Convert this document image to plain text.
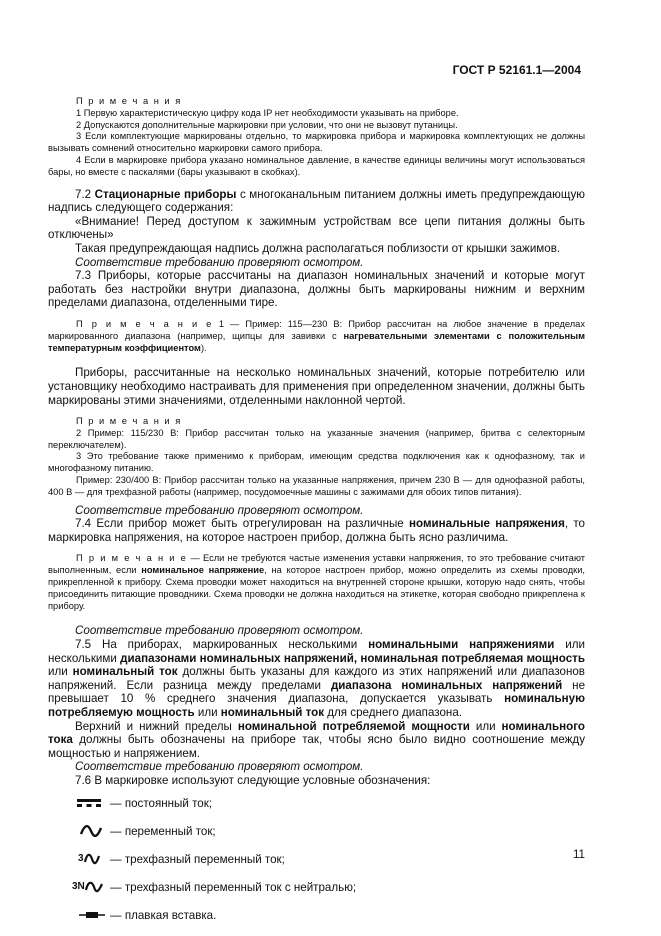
ГОСТ Р 52161.1—2004

П р и м е ч а н и я

1 Первую характеристическую цифру кода IP нет необходимости указывать на приборе.

2 Допускаются дополнительные маркировки при условии, что они не вызовут путаницы.

3 Если комплектующие маркированы отдельно, то маркировка прибора и маркировка комплектующих не должны вызывать сомнений относительно маркировки самого прибора.

4 Если в маркировке прибора указано номинальное давление, в качестве единицы величины могут использоваться бары, но вместе с паскалями (бары указывают в скобках).

7.2 Стационарные приборы с многоканальным питанием должны иметь предупреждающую надпись следующего содержания:

«Внимание! Перед доступом к зажимным устройствам все цепи питания должны быть отключены»

Такая предупреждающая надпись должна располагаться поблизости от крышки зажимов.

Соответствие требованию проверяют осмотром.

7.3 Приборы, которые рассчитаны на диапазон номинальных значений и которые могут работать без настройки внутри диапазона, должны быть маркированы нижним и верхним пределами диапазона, отделенными тире.

П р и м е ч а н и е 1 — Пример: 115—230 В: Прибор рассчитан на любое значение в пределах маркированного диапазона (например, щипцы для завивки с нагревательными элементами с положительным температурным коэффициентом).

Приборы, рассчитанные на несколько номинальных значений, которые потребителю или установщику необходимо настраивать для применения при определенном значении, должны быть маркированы этими значениями, отделенными наклонной чертой.

П р и м е ч а н и я

2 Пример: 115/230 В: Прибор рассчитан только на указанные значения (например, бритва с селекторным переключателем).

3 Это требование также применимо к приборам, имеющим средства подключения как к однофазному, так и многофазному питанию.

Пример: 230/400 В: Прибор рассчитан только на указанные напряжения, причем 230 В — для однофазной работы, 400 В — для трехфазной работы (например, посудомоечные машины с зажимами для обоих типов питания).

Соответствие требованию проверяют осмотром.

7.4 Если прибор может быть отрегулирован на различные номинальные напряжения, то маркировка напряжения, на которое настроен прибор, должна быть ясно различима.

П р и м е ч а н и е — Если не требуются частые изменения уставки напряжения, то это требование считают выполненным, если номинальное напряжение, на которое настроен прибор, можно определить из схемы проводки, прикрепленной к прибору. Схема проводки может находиться на внутренней стороне крышки, которую надо снять, чтобы присоединить питающие проводники. Схема проводки не должна находиться на этикетке, которая свободно прикреплена к прибору.

Соответствие требованию проверяют осмотром.

7.5 На приборах, маркированных несколькими номинальными напряжениями или несколькими диапазонами номинальных напряжений, номинальная потребляемая мощность или номинальный ток должны быть указаны для каждого из этих напряжений или диапазонов напряжений. Если разница между пределами диапазона номинальных напряжений не превышает 10 % среднего значения диапазона, допускается указывать номинальную потребляемую мощность или номинальный ток для среднего диапазона.

Верхний и нижний пределы номинальной потребляемой мощности или номинального тока должны быть обозначены на приборе так, чтобы ясно было видно соотношение между мощностью и напряжением.

Соответствие требованию проверяют осмотром.

7.6 В маркировке используют следующие условные обозначения:

— постоянный ток;
— переменный ток;
3 — трехфазный переменный ток;
3N — трехфазный переменный ток с нейтралью;
— плавкая вставка.
11
